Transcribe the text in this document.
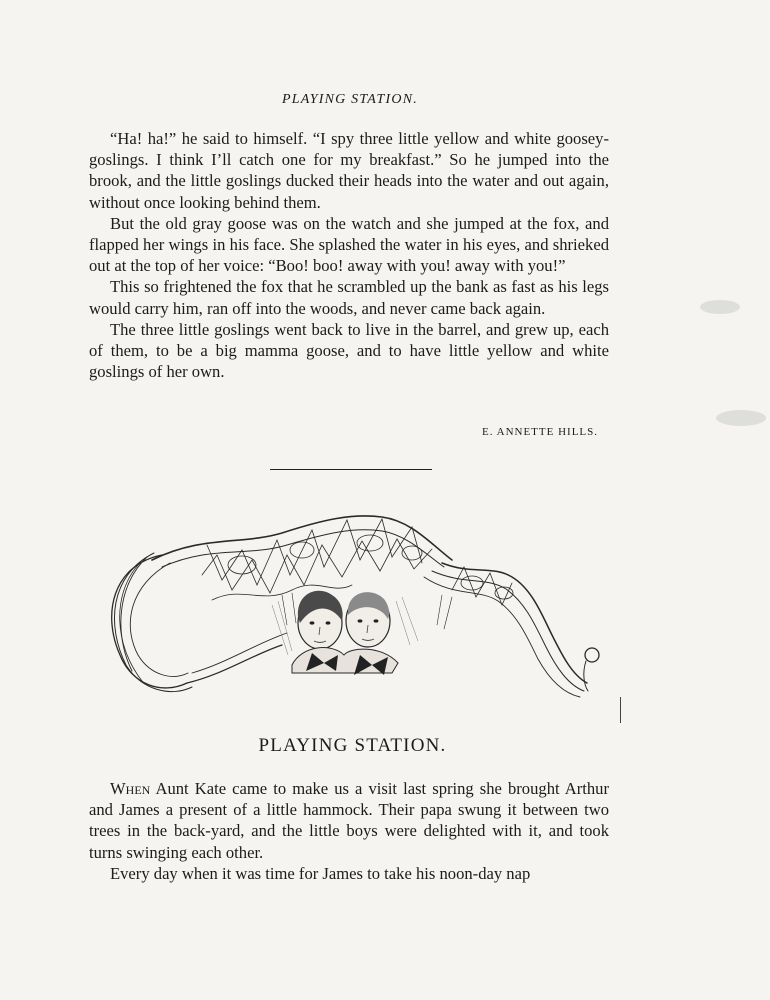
PLAYING STATION.

“Ha! ha!” he said to himself. “I spy three little yellow and white goosey-goslings. I think I’ll catch one for my breakfast.” So he jumped into the brook, and the little goslings ducked their heads into the water and out again, without once looking behind them.

But the old gray goose was on the watch and she jumped at the fox, and flapped her wings in his face. She splashed the water in his eyes, and shrieked out at the top of her voice: “Boo! boo! away with you! away with you!”

This so frightened the fox that he scrambled up the bank as fast as his legs would carry him, ran off into the woods, and never came back again.

The three little goslings went back to live in the barrel, and grew up, each of them, to be a big mamma goose, and to have little yellow and white goslings of her own.

E. ANNETTE HILLS.
PLAYING STATION.

When Aunt Kate came to make us a visit last spring she brought Arthur and James a present of a little hammock. Their papa swung it between two trees in the back-yard, and the little boys were delighted with it, and took turns swinging each other.

Every day when it was time for James to take his noon-day nap
